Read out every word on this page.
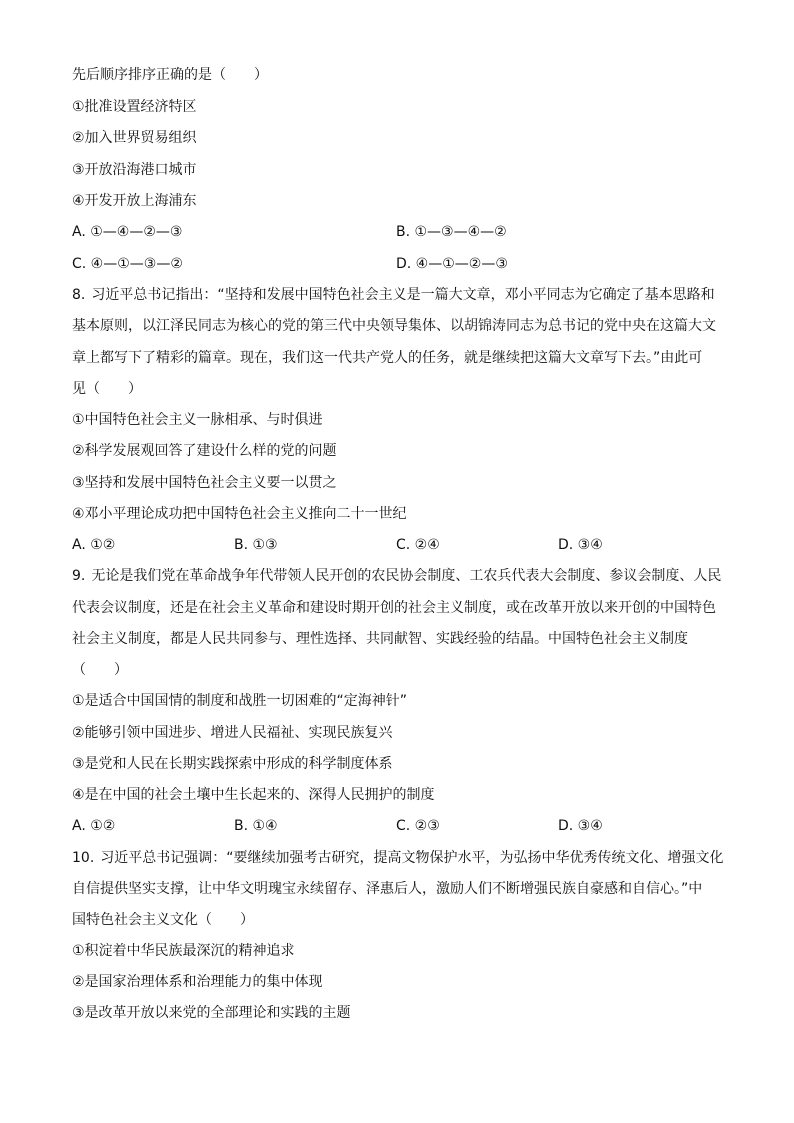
先后顺序排序正确的是（　　）
①批准设置经济特区
②加入世界贸易组织
③开放沿海港口城市
④开发开放上海浦东
A. ①—④—②—③	B. ①—③—④—②
C. ④—①—③—②	D. ④—①—②—③
8. 习近平总书记指出：“坚持和发展中国特色社会主义是一篇大文章，邓小平同志为它确定了基本思路和
基本原则，以江泽民同志为核心的党的第三代中央领导集体、以胡锦涛同志为总书记的党中央在这篇大文
章上都写下了精彩的篇章。现在，我们这一代共产党人的任务，就是继续把这篇大文章写下去。”由此可
见（　　）
①中国特色社会主义一脉相承、与时俱进
②科学发展观回答了建设什么样的党的问题
③坚持和发展中国特色社会主义要一以贯之
④邓小平理论成功把中国特色社会主义推向二十一世纪
A. ①②	B. ①③	C. ②④	D. ③④
9. 无论是我们党在革命战争年代带领人民开创的农民协会制度、工农兵代表大会制度、参议会制度、人民
代表会议制度，还是在社会主义革命和建设时期开创的社会主义制度，或在改革开放以来开创的中国特色
社会主义制度，都是人民共同参与、理性选择、共同献智、实践经验的结晶。中国特色社会主义制度
（　　）
①是适合中国国情的制度和战胜一切困难的“定海神针”
②能够引领中国进步、增进人民福祉、实现民族复兴
③是党和人民在长期实践探索中形成的科学制度体系
④是在中国的社会土壤中生长起来的、深得人民拥护的制度
A. ①②	B. ①④	C. ②③	D. ③④
10. 习近平总书记强调：“要继续加强考古研究，提高文物保护水平，为弘扬中华优秀传统文化、增强文化
自信提供坚实支撑，让中华文明瑰宝永续留存、泽惠后人，激励人们不断增强民族自豪感和自信心。”中
国特色社会主义文化（　　）
①积淀着中华民族最深沉的精神追求
②是国家治理体系和治理能力的集中体现
③是改革开放以来党的全部理论和实践的主题
